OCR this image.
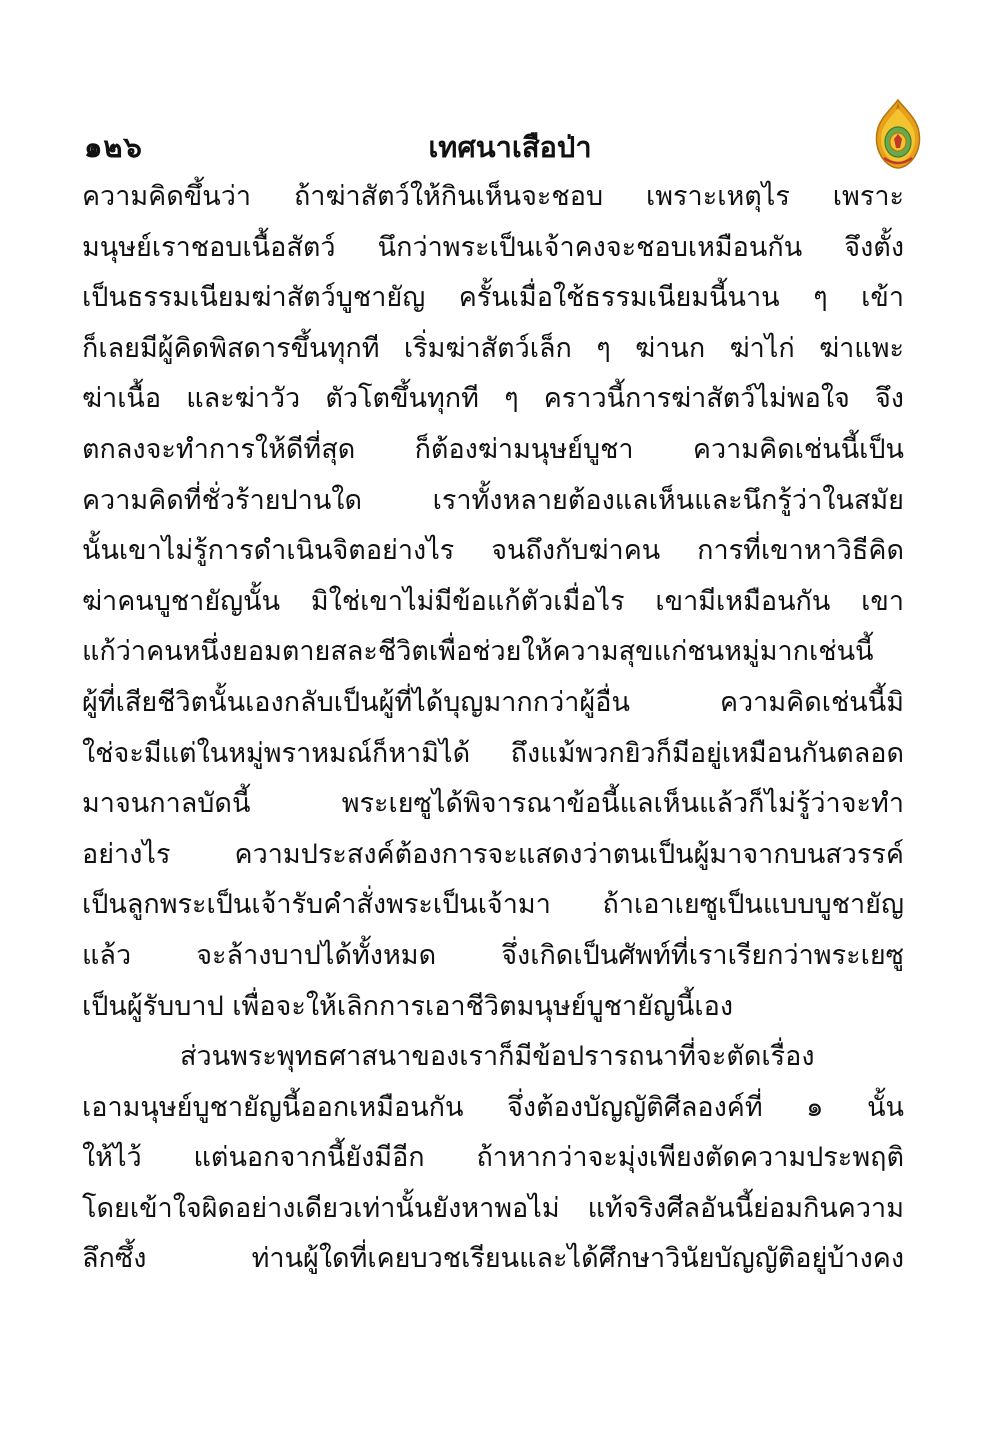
๑๒๖	เทศนาเสือป่า
ความคิดขึ้นว่า ถ้าฆ่าสัตว์ให้กินเห็นจะชอบ เพราะเหตุไร เพราะ
มนุษย์เราชอบเนื้อสัตว์ นึกว่าพระเป็นเจ้าคงจะชอบเหมือนกัน จึงตั้ง
เป็นธรรมเนียมฆ่าสัตว์บูชายัญ ครั้นเมื่อใช้ธรรมเนียมนี้นาน ๆ เข้า
ก็เลยมีผู้คิดพิสดารขึ้นทุกที เริ่มฆ่าสัตว์เล็ก ๆ ฆ่านก ฆ่าไก่ ฆ่าแพะ
ฆ่าเนื้อ และฆ่าวัว ตัวโตขึ้นทุกที ๆ คราวนี้การฆ่าสัตว์ไม่พอใจ จึง
ตกลงจะทำการให้ดีที่สุด ก็ต้องฆ่ามนุษย์บูชา ความคิดเช่นนี้เป็น
ความคิดที่ชั่วร้ายปานใด เราทั้งหลายต้องแลเห็นและนึกรู้ว่าในสมัย
นั้นเขาไม่รู้การดำเนินจิตอย่างไร จนถึงกับฆ่าคน การที่เขาหาวิธีคิด
ฆ่าคนบูชายัญนั้น มิใช่เขาไม่มีข้อแก้ตัวเมื่อไร เขามีเหมือนกัน เขา
แก้ว่าคนหนึ่งยอมตายสละชีวิตเพื่อช่วยให้ความสุขแก่ชนหมู่มากเช่นนี้
ผู้ที่เสียชีวิตนั้นเองกลับเป็นผู้ที่ได้บุญมากกว่าผู้อื่น ความคิดเช่นนี้มิ
ใช่จะมีแต่ในหมู่พราหมณ์ก็หามิได้ ถึงแม้พวกยิวก็มีอยู่เหมือนกันตลอด
มาจนกาลบัดนี้ พระเยซูได้พิจารณาข้อนี้แลเห็นแล้วก็ไม่รู้ว่าจะทำ
อย่างไร ความประสงค์ต้องการจะแสดงว่าตนเป็นผู้มาจากบนสวรรค์
เป็นลูกพระเป็นเจ้ารับคำสั่งพระเป็นเจ้ามา ถ้าเอาเยซูเป็นแบบบูชายัญ
แล้ว จะล้างบาปได้ทั้งหมด จึ่งเกิดเป็นศัพท์ที่เราเรียกว่าพระเยซู
เป็นผู้รับบาป เพื่อจะให้เลิกการเอาชีวิตมนุษย์บูชายัญนี้เอง
ส่วนพระพุทธศาสนาของเราก็มีข้อปรารถนาที่จะตัดเรื่อง
เอามนุษย์บูชายัญนี้ออกเหมือนกัน จึ่งต้องบัญญัติศีลองค์ที่ ๑ นั้น
ให้ไว้ แต่นอกจากนี้ยังมีอีก ถ้าหากว่าจะมุ่งเพียงตัดความประพฤติ
โดยเข้าใจผิดอย่างเดียวเท่านั้นยังหาพอไม่ แท้จริงศีลอันนี้ย่อมกินความ
ลึกซึ้ง ท่านผู้ใดที่เคยบวชเรียนและได้ศึกษาวินัยบัญญัติอยู่บ้างคง
